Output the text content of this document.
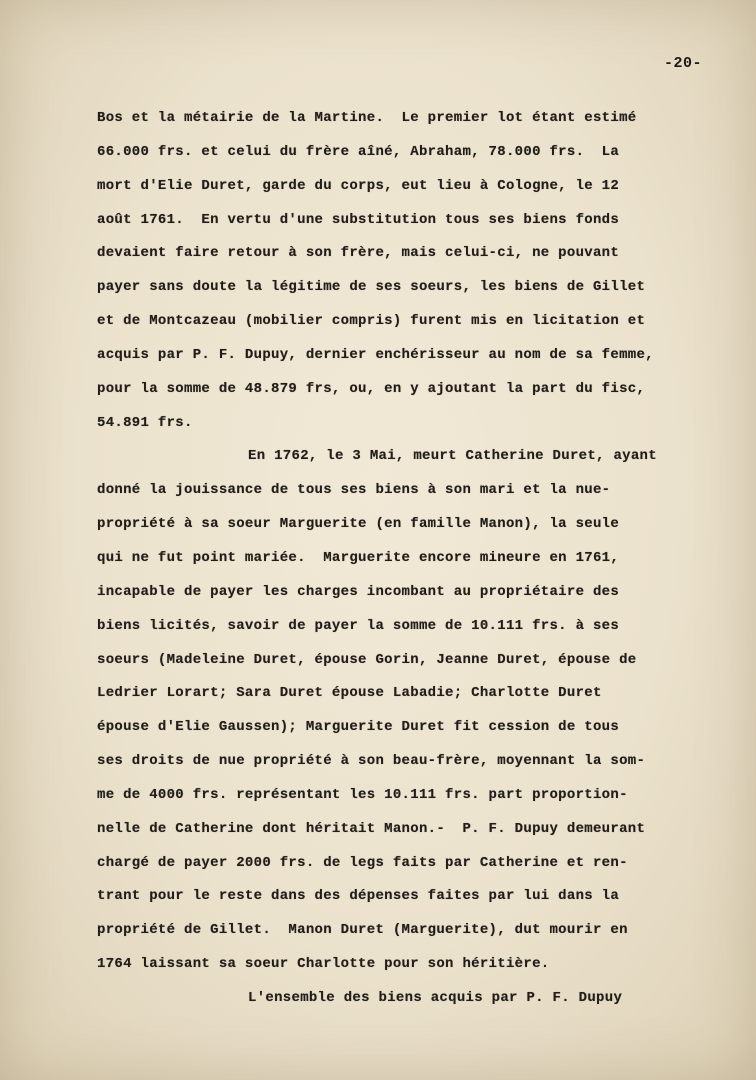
-20-
Bos et la métairie de la Martine.  Le premier lot étant estimé
66.000 frs. et celui du frère aîné, Abraham, 78.000 frs.  La
mort d'Elie Duret, garde du corps, eut lieu à Cologne, le 12
août 1761.  En vertu d'une substitution tous ses biens fonds
devaient faire retour à son frère, mais celui-ci, ne pouvant
payer sans doute la légitime de ses soeurs, les biens de Gillet
et de Montcazeau (mobilier compris) furent mis en licitation et
acquis par P. F. Dupuy, dernier enchérisseur au nom de sa femme,
pour la somme de 48.879 frs, ou, en y ajoutant la part du fisc,
54.891 frs.
En 1762, le 3 Mai, meurt Catherine Duret, ayant
donné la jouissance de tous ses biens à son mari et la nue-
propriété à sa soeur Marguerite (en famille Manon), la seule
qui ne fut point mariée.  Marguerite encore mineure en 1761,
incapable de payer les charges incombant au propriétaire des
biens licités, savoir de payer la somme de 10.111 frs. à ses
soeurs (Madeleine Duret, épouse Gorin, Jeanne Duret, épouse de
Ledrier Lorart; Sara Duret épouse Labadie; Charlotte Duret
épouse d'Elie Gaussen); Marguerite Duret fit cession de tous
ses droits de nue propriété à son beau-frère, moyennant la som-
me de 4000 frs. représentant les 10.111 frs. part proportion-
nelle de Catherine dont héritait Manon.-  P. F. Dupuy demeurant
chargé de payer 2000 frs. de legs faits par Catherine et ren-
trant pour le reste dans des dépenses faites par lui dans la
propriété de Gillet.  Manon Duret (Marguerite), dut mourir en
1764 laissant sa soeur Charlotte pour son héritière.
L'ensemble des biens acquis par P. F. Dupuy
